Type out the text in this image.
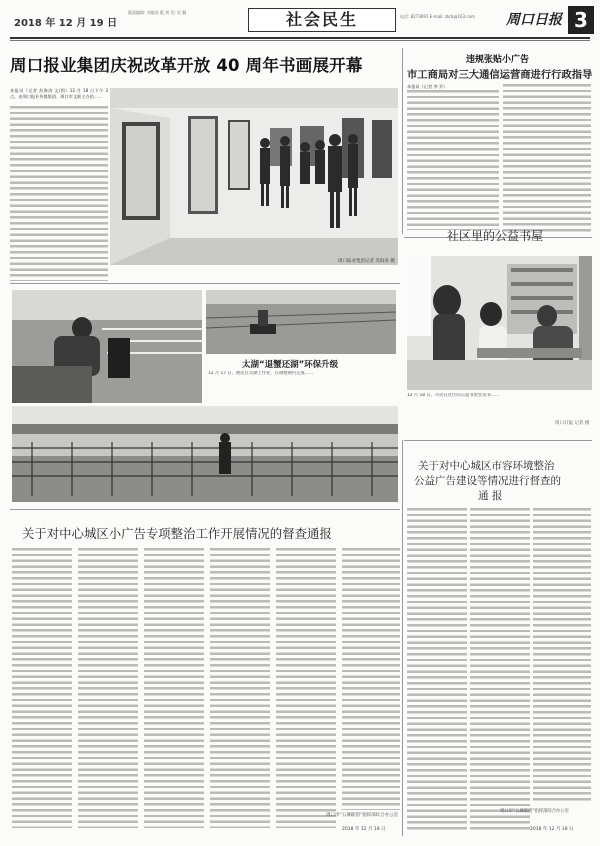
2018 年 12 月 19 日
版面编辑: 刘俊涛 版 刘 昱: 吴 颖	社会民生	电话: 8273691 E-mail: zkrb@163.com	周口日报 3
周口报业集团庆祝改革开放 40 周年书画展开幕
本报讯（记者 苏海涛 文/图）12 月 18 日下午 3 点，由周口报业传媒集团、周口市文联主办的……
周口报业集团记者 苏海涛 摄
违规张贴小广告
市工商局对三大通信运营商进行行政指导
本报讯（记者 李 乔）
社区里的公益书屋
12 月 18 日，市民在社区的公益书屋里读书……
周口日报 记者 摄
关于对中心城区市容环境整治
公益广告建设等情况进行督查的
通 报
太湖“退蟹还湖”环保升级
12 月 17 日，渔民在太湖上作业，在调整期内完成……
关于对中心城区小广告专项整治工作开展情况的督查通报
周口市“五城联创”指挥部综合办公室
2018 年 12 月 18 日
周口市“五城联创”指挥部综合办公室
2018 年 12 月 18 日
